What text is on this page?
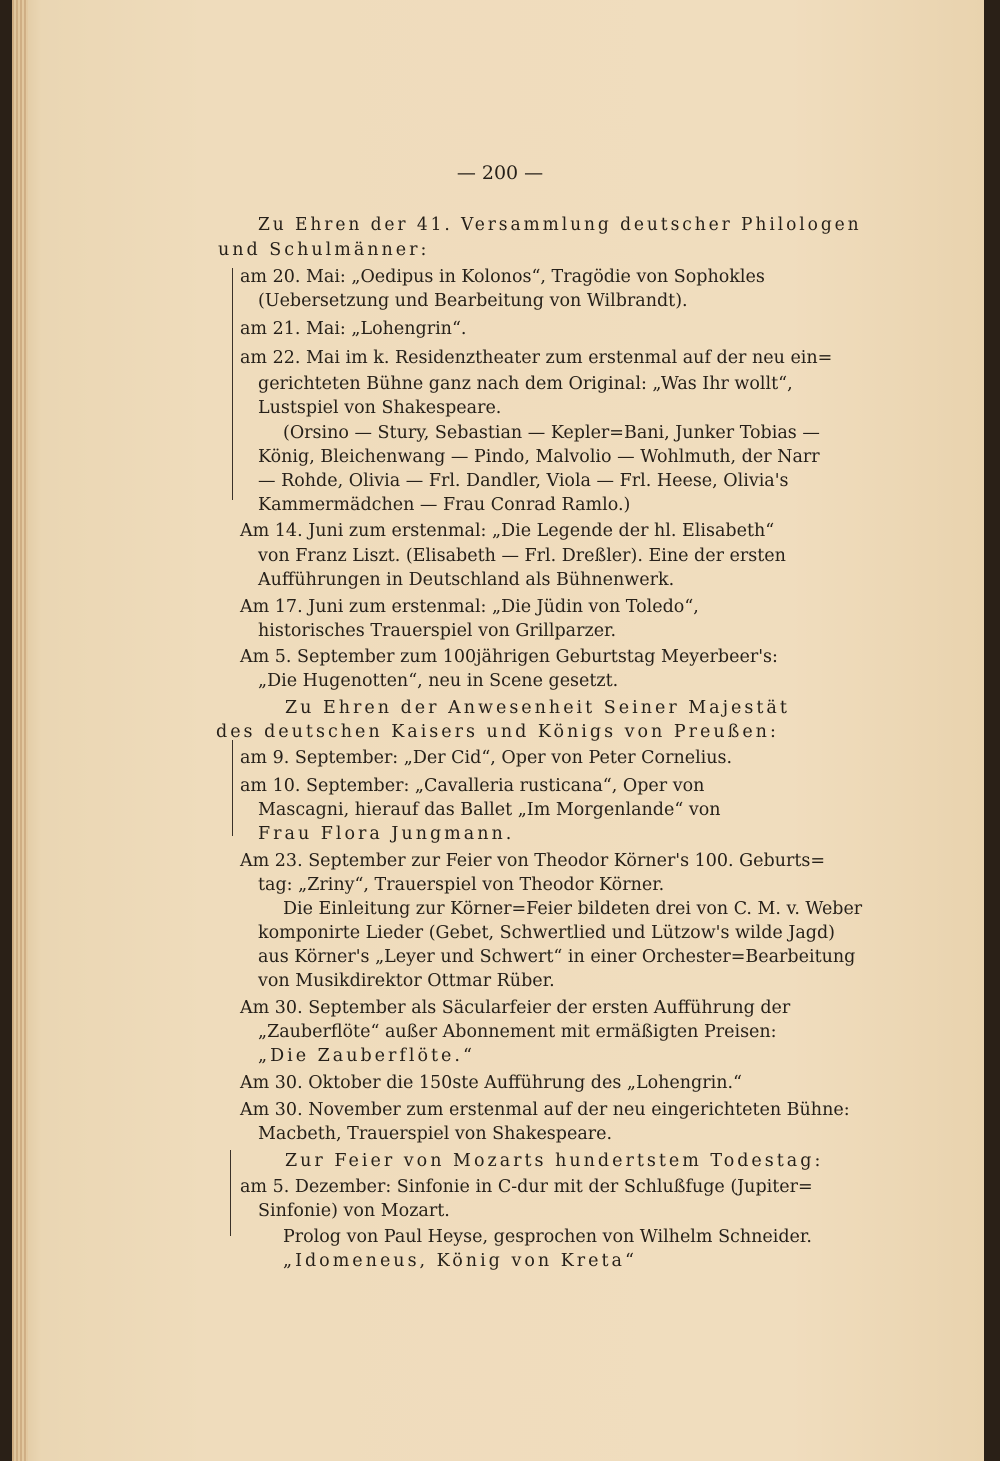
— 200 —
Zu Ehren der 41. Versammlung deutscher Philologen
und Schulmänner:
am 20. Mai: „Oedipus in Kolonos“, Tragödie von Sophokles
(Uebersetzung und Bearbeitung von Wilbrandt).
am 21. Mai: „Lohengrin“.
am 22. Mai im k. Residenztheater zum erstenmal auf der neu ein=
gerichteten Bühne ganz nach dem Original: „Was Ihr wollt“,
Lustspiel von Shakespeare.
(Orsino — Stury, Sebastian — Kepler=Bani, Junker Tobias —
König, Bleichenwang — Pindo, Malvolio — Wohlmuth, der Narr
— Rohde, Olivia — Frl. Dandler, Viola — Frl. Heese, Olivia's
Kammermädchen — Frau Conrad Ramlo.)
Am 14. Juni zum erstenmal: „Die Legende der hl. Elisabeth“
von Franz Liszt. (Elisabeth — Frl. Dreßler). Eine der ersten
Aufführungen in Deutschland als Bühnenwerk.
Am 17. Juni zum erstenmal: „Die Jüdin von Toledo“,
historisches Trauerspiel von Grillparzer.
Am 5. September zum 100jährigen Geburtstag Meyerbeer's:
„Die Hugenotten“, neu in Scene gesetzt.
Zu Ehren der Anwesenheit Seiner Majestät
des deutschen Kaisers und Königs von Preußen:
am 9. September: „Der Cid“, Oper von Peter Cornelius.
am 10. September: „Cavalleria rusticana“, Oper von
Mascagni, hierauf das Ballet „Im Morgenlande“ von
Frau Flora Jungmann.
Am 23. September zur Feier von Theodor Körner's 100. Geburts=
tag: „Zriny“, Trauerspiel von Theodor Körner.
Die Einleitung zur Körner=Feier bildeten drei von C. M. v. Weber
komponirte Lieder (Gebet, Schwertlied und Lützow's wilde Jagd)
aus Körner's „Leyer und Schwert“ in einer Orchester=Bearbeitung
von Musikdirektor Ottmar Rüber.
Am 30. September als Säcularfeier der ersten Aufführung der
„Zauberflöte“ außer Abonnement mit ermäßigten Preisen:
„Die Zauberflöte.“
Am 30. Oktober die 150ste Aufführung des „Lohengrin.“
Am 30. November zum erstenmal auf der neu eingerichteten Bühne:
Macbeth, Trauerspiel von Shakespeare.
Zur Feier von Mozarts hundertstem Todestag:
am 5. Dezember: Sinfonie in C-dur mit der Schlußfuge (Jupiter=
Sinfonie) von Mozart.
Prolog von Paul Heyse, gesprochen von Wilhelm Schneider.
„Idomeneus, König von Kreta“
